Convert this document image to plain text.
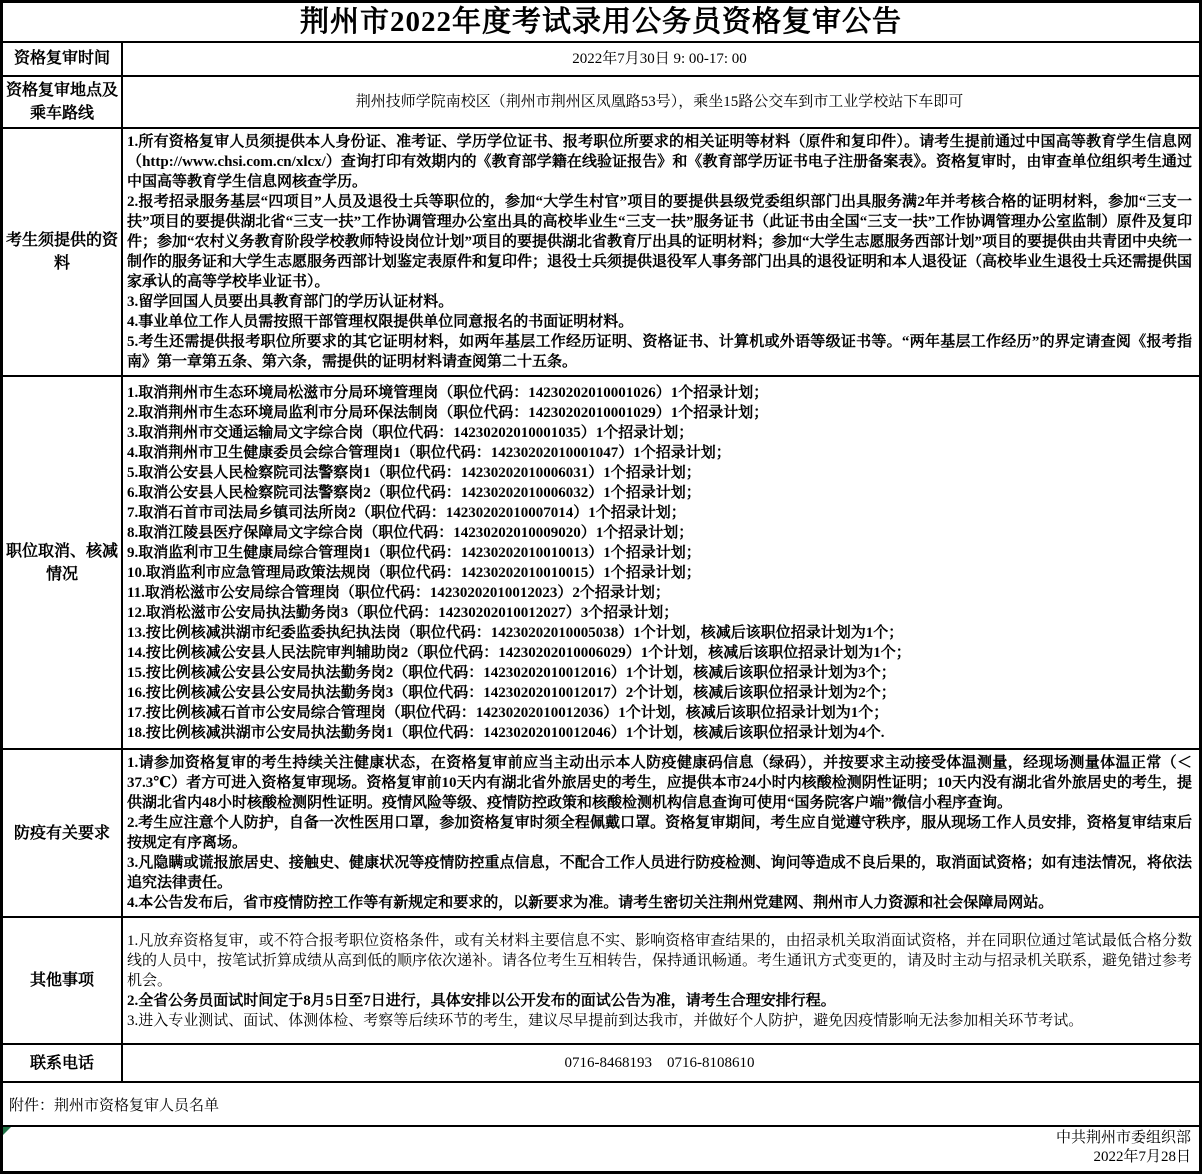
荆州市2022年度考试录用公务员资格复审公告
资格复审时间	2022年7月30日 9: 00-17: 00
资格复审地点及乘车路线
荆州技师学院南校区（荆州市荆州区凤凰路53号），乘坐15路公交车到市工业学校站下车即可
考生须提供的资料
1.所有资格复审人员须提供本人身份证、准考证、学历学位证书、报考职位所要求的相关证明等材料（原件和复印件）。请考生提前通过中国高等教育学生信息网（http://www.chsi.com.cn/xlcx/）查询打印有效期内的《教育部学籍在线验证报告》和《教育部学历证书电子注册备案表》。资格复审时，由审查单位组织考生通过中国高等教育学生信息网核查学历。
2.报考招录服务基层“四项目”人员及退役士兵等职位的，参加“大学生村官”项目的要提供县级党委组织部门出具服务满2年并考核合格的证明材料，参加“三支一扶”项目的要提供湖北省“三支一扶”工作协调管理办公室出具的高校毕业生“三支一扶”服务证书（此证书由全国“三支一扶”工作协调管理办公室监制）原件及复印件；参加“农村义务教育阶段学校教师特设岗位计划”项目的要提供湖北省教育厅出具的证明材料；参加“大学生志愿服务西部计划”项目的要提供由共青团中央统一制作的服务证和大学生志愿服务西部计划鉴定表原件和复印件；退役士兵须提供退役军人事务部门出具的退役证明和本人退役证（高校毕业生退役士兵还需提供国家承认的高等学校毕业证书）。
3.留学回国人员要出具教育部门的学历认证材料。
4.事业单位工作人员需按照干部管理权限提供单位同意报名的书面证明材料。
5.考生还需提供报考职位所要求的其它证明材料，如两年基层工作经历证明、资格证书、计算机或外语等级证书等。“两年基层工作经历”的界定请查阅《报考指南》第一章第五条、第六条，需提供的证明材料请查阅第二十五条。
职位取消、核减情况
1.取消荆州市生态环境局松滋市分局环境管理岗（职位代码：14230202010001026）1个招录计划；
2.取消荆州市生态环境局监利市分局环保法制岗（职位代码：14230202010001029）1个招录计划；
3.取消荆州市交通运输局文字综合岗（职位代码：14230202010001035）1个招录计划；
4.取消荆州市卫生健康委员会综合管理岗1（职位代码：14230202010001047）1个招录计划；
5.取消公安县人民检察院司法警察岗1（职位代码：14230202010006031）1个招录计划；
6.取消公安县人民检察院司法警察岗2（职位代码：14230202010006032）1个招录计划；
7.取消石首市司法局乡镇司法所岗2（职位代码：14230202010007014）1个招录计划；
8.取消江陵县医疗保障局文字综合岗（职位代码：14230202010009020）1个招录计划；
9.取消监利市卫生健康局综合管理岗1（职位代码：14230202010010013）1个招录计划；
10.取消监利市应急管理局政策法规岗（职位代码：14230202010010015）1个招录计划；
11.取消松滋市公安局综合管理岗（职位代码：14230202010012023）2个招录计划；
12.取消松滋市公安局执法勤务岗3（职位代码：14230202010012027）3个招录计划；
13.按比例核减洪湖市纪委监委执纪执法岗（职位代码：14230202010005038）1个计划，核减后该职位招录计划为1个；
14.按比例核减公安县人民法院审判辅助岗2（职位代码：14230202010006029）1个计划，核减后该职位招录计划为1个；
15.按比例核减公安县公安局执法勤务岗2（职位代码：14230202010012016）1个计划，核减后该职位招录计划为3个；
16.按比例核减公安县公安局执法勤务岗3（职位代码：14230202010012017）2个计划，核减后该职位招录计划为2个；
17.按比例核减石首市公安局综合管理岗（职位代码：14230202010012036）1个计划，核减后该职位招录计划为1个；
18.按比例核减洪湖市公安局执法勤务岗1（职位代码：14230202010012046）1个计划，核减后该职位招录计划为4个.
防疫有关要求
1.请参加资格复审的考生持续关注健康状态，在资格复审前应当主动出示本人防疫健康码信息（绿码），并按要求主动接受体温测量，经现场测量体温正常（＜37.3℃）者方可进入资格复审现场。资格复审前10天内有湖北省外旅居史的考生，应提供本市24小时内核酸检测阴性证明；10天内没有湖北省外旅居史的考生，提供湖北省内48小时核酸检测阴性证明。疫情风险等级、疫情防控政策和核酸检测机构信息查询可使用“国务院客户端”微信小程序查询。
2.考生应注意个人防护，自备一次性医用口罩，参加资格复审时须全程佩戴口罩。资格复审期间，考生应自觉遵守秩序，服从现场工作人员安排，资格复审结束后按规定有序离场。
3.凡隐瞒或谎报旅居史、接触史、健康状况等疫情防控重点信息，不配合工作人员进行防疫检测、询问等造成不良后果的，取消面试资格；如有违法情况，将依法追究法律责任。
4.本公告发布后，省市疫情防控工作等有新规定和要求的，以新要求为准。请考生密切关注荆州党建网、荆州市人力资源和社会保障局网站。
其他事项
1.凡放弃资格复审，或不符合报考职位资格条件，或有关材料主要信息不实、影响资格审查结果的，由招录机关取消面试资格，并在同职位通过笔试最低合格分数线的人员中，按笔试折算成绩从高到低的顺序依次递补。请各位考生互相转告，保持通讯畅通。考生通讯方式变更的，请及时主动与招录机关联系，避免错过参考机会。
2.全省公务员面试时间定于8月5日至7日进行，具体安排以公开发布的面试公告为准，请考生合理安排行程。
3.进入专业测试、面试、体测体检、考察等后续环节的考生，建议尽早提前到达我市，并做好个人防护，避免因疫情影响无法参加相关环节考试。
联系电话	0716-8468193　0716-8108610
附件：荆州市资格复审人员名单
中共荆州市委组织部
2022年7月28日
